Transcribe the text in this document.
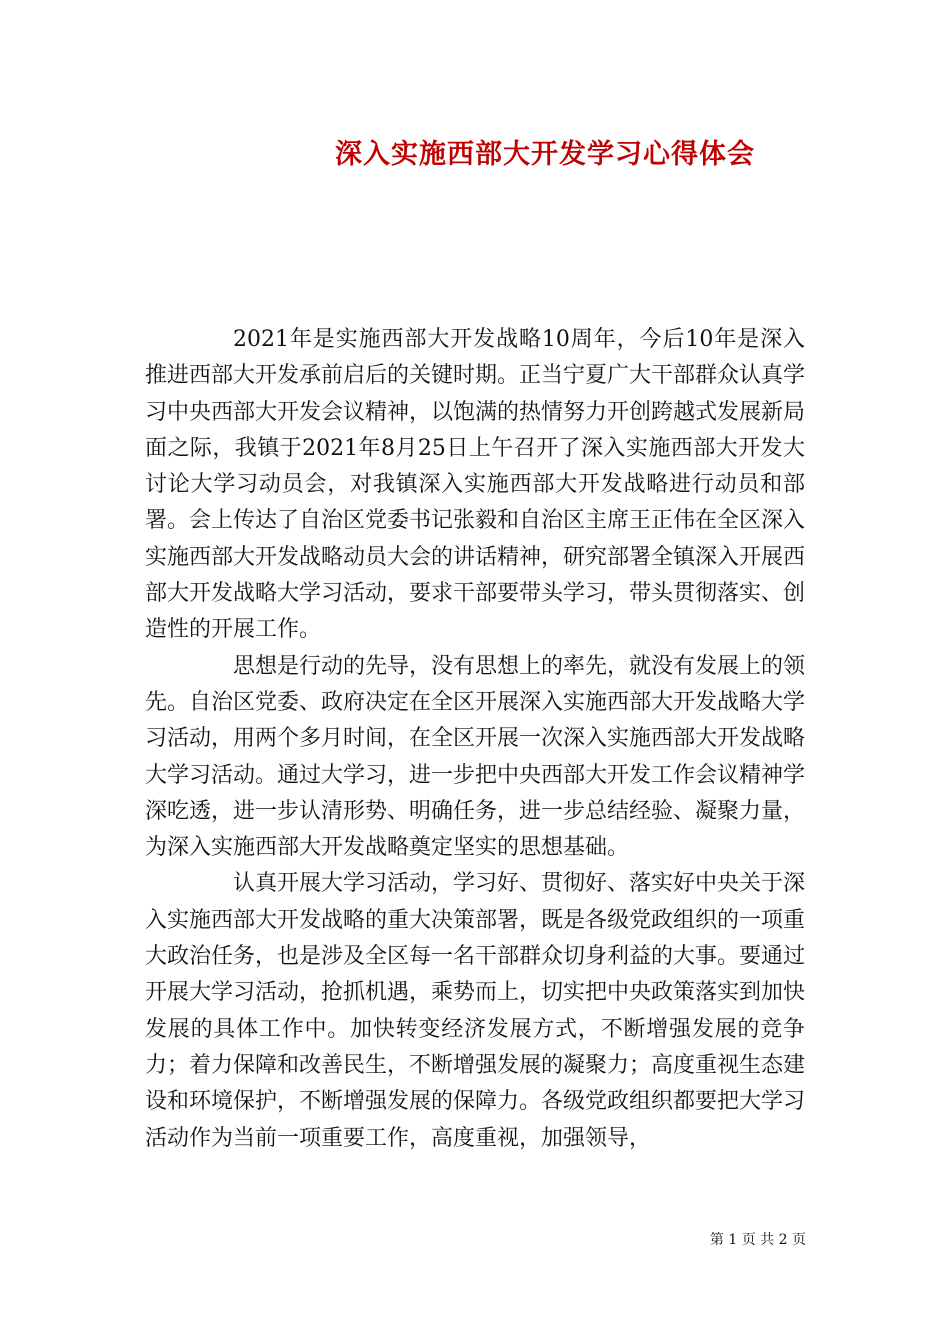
深入实施西部大开发学习心得体会

2021年是实施西部大开发战略10周年，今后10年是深入推进西部大开发承前启后的关键时期。正当宁夏广大干部群众认真学习中央西部大开发会议精神，以饱满的热情努力开创跨越式发展新局面之际，我镇于2021年8月25日上午召开了深入实施西部大开发大讨论大学习动员会，对我镇深入实施西部大开发战略进行动员和部署。会上传达了自治区党委书记张毅和自治区主席王正伟在全区深入实施西部大开发战略动员大会的讲话精神，研究部署全镇深入开展西部大开发战略大学习活动，要求干部要带头学习，带头贯彻落实、创造性的开展工作。

思想是行动的先导，没有思想上的率先，就没有发展上的领先。自治区党委、政府决定在全区开展深入实施西部大开发战略大学习活动，用两个多月时间，在全区开展一次深入实施西部大开发战略大学习活动。通过大学习，进一步把中央西部大开发工作会议精神学深吃透，进一步认清形势、明确任务，进一步总结经验、凝聚力量，为深入实施西部大开发战略奠定坚实的思想基础。

认真开展大学习活动，学习好、贯彻好、落实好中央关于深入实施西部大开发战略的重大决策部署，既是各级党政组织的一项重大政治任务，也是涉及全区每一名干部群众切身利益的大事。要通过开展大学习活动，抢抓机遇，乘势而上，切实把中央政策落实到加快发展的具体工作中。加快转变经济发展方式，不断增强发展的竞争力；着力保障和改善民生，不断增强发展的凝聚力；高度重视生态建设和环境保护，不断增强发展的保障力。各级党政组织都要把大学习活动作为当前一项重要工作，高度重视，加强领导，

第 1 页 共 2 页
